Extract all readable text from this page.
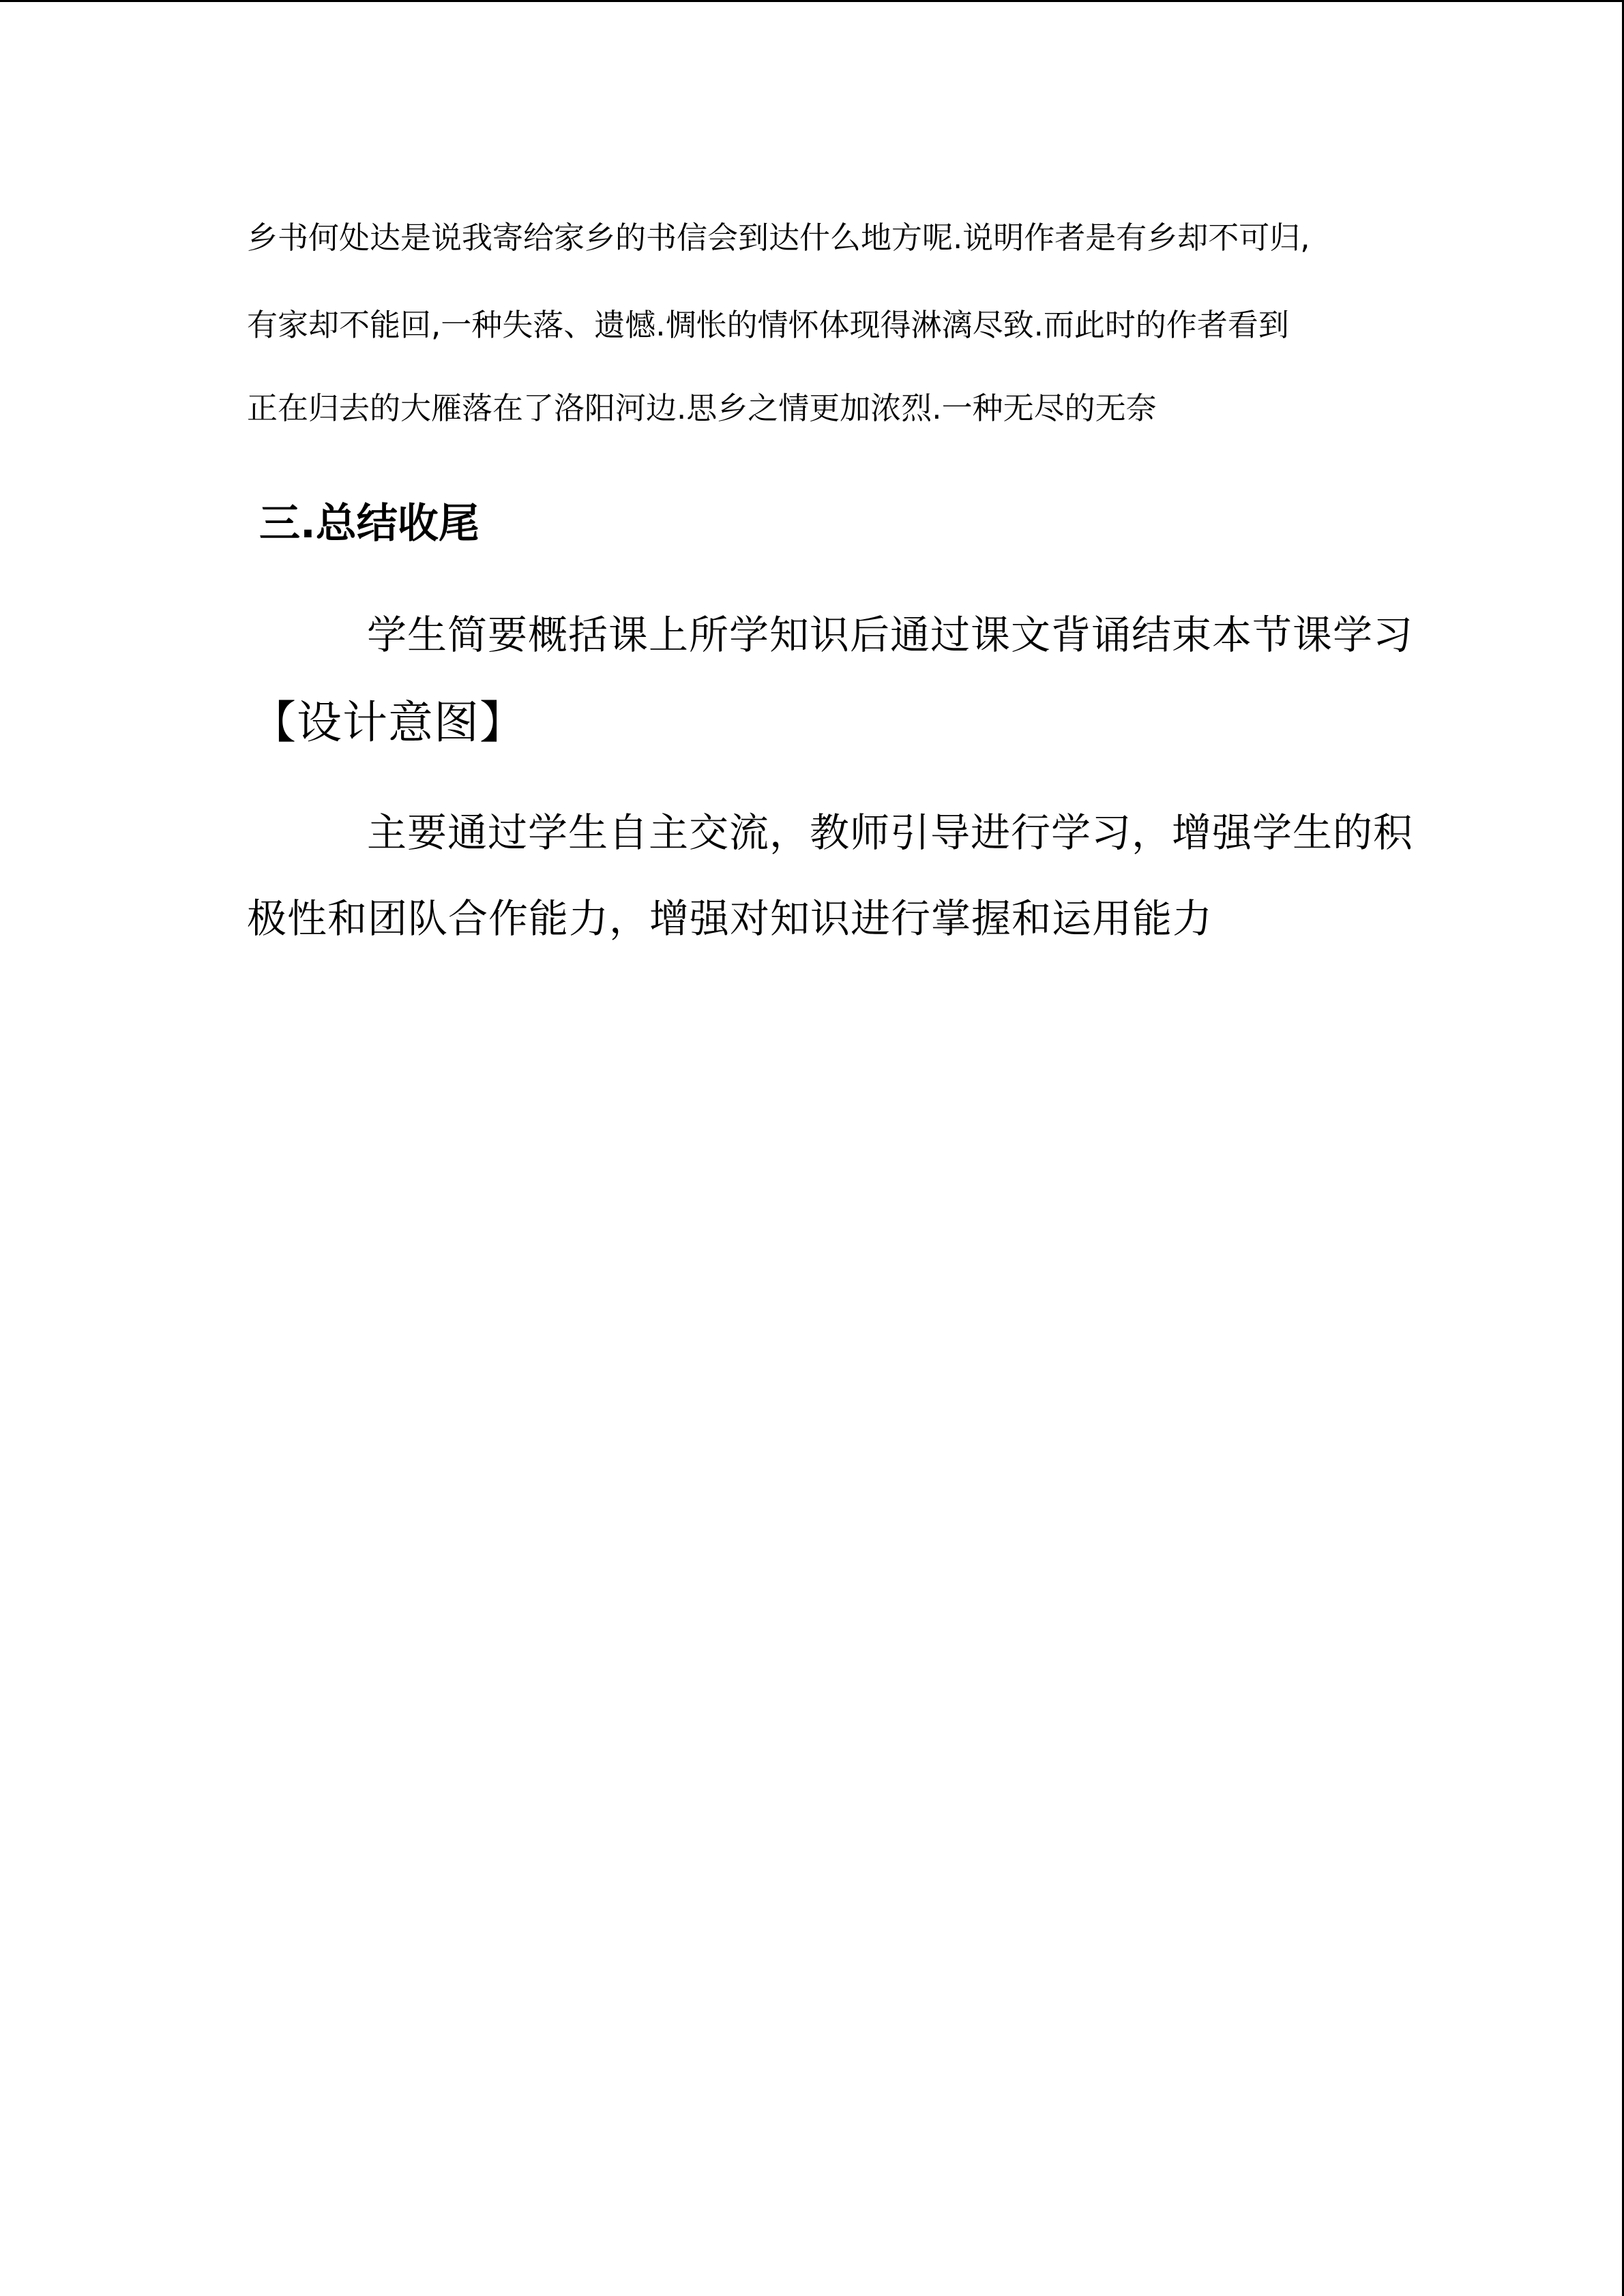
乡书何处达是说我寄给家乡的书信会到达什么地方呢.说明作者是有乡却不可归,

有家却不能回,一种失落、遗憾.惆怅的情怀体现得淋漓尽致.而此时的作者看到

正在归去的大雁落在了洛阳河边.思乡之情更加浓烈.一种无尽的无奈

三.总结收尾

学生简要概括课上所学知识后通过课文背诵结束本节课学习

【设计意图】

主要通过学生自主交流，教师引导进行学习，增强学生的积

极性和团队合作能力，增强对知识进行掌握和运用能力
